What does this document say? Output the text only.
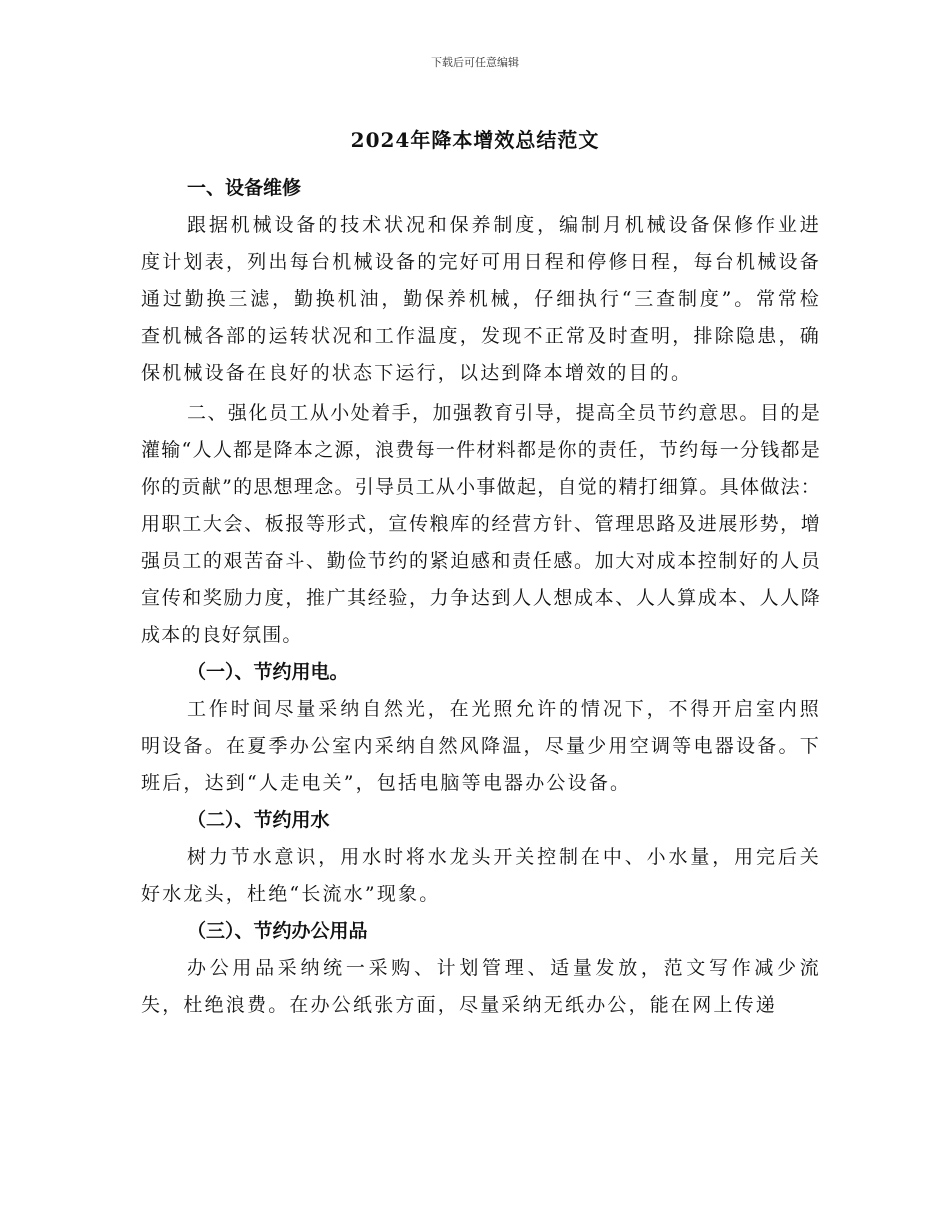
下载后可任意编辑
2024年降本增效总结范文

一、设备维修

跟据机械设备的技术状况和保养制度，编制月机械设备保修作业进度计划表，列出每台机械设备的完好可用日程和停修日程，每台机械设备通过勤换三滤，勤换机油，勤保养机械，仔细执行“三查制度”。常常检查机械各部的运转状况和工作温度，发现不正常及时查明，排除隐患，确保机械设备在良好的状态下运行，以达到降本增效的目的。

二、强化员工从小处着手，加强教育引导，提高全员节约意思。目的是灌输“人人都是降本之源，浪费每一件材料都是你的责任，节约每一分钱都是你的贡献”的思想理念。引导员工从小事做起，自觉的精打细算。具体做法：用职工大会、板报等形式，宣传粮库的经营方针、管理思路及进展形势，增强员工的艰苦奋斗、勤俭节约的紧迫感和责任感。加大对成本控制好的人员宣传和奖励力度，推广其经验，力争达到人人想成本、人人算成本、人人降成本的良好氛围。

（一）、节约用电。

工作时间尽量采纳自然光，在光照允许的情况下，不得开启室内照明设备。在夏季办公室内采纳自然风降温，尽量少用空调等电器设备。下班后，达到“人走电关”，包括电脑等电器办公设备。

（二）、节约用水

树力节水意识，用水时将水龙头开关控制在中、小水量，用完后关好水龙头，杜绝“长流水”现象。

（三）、节约办公用品

办公用品采纳统一采购、计划管理、适量发放，范文写作减少流失，杜绝浪费。在办公纸张方面，尽量采纳无纸办公，能在网上传递
